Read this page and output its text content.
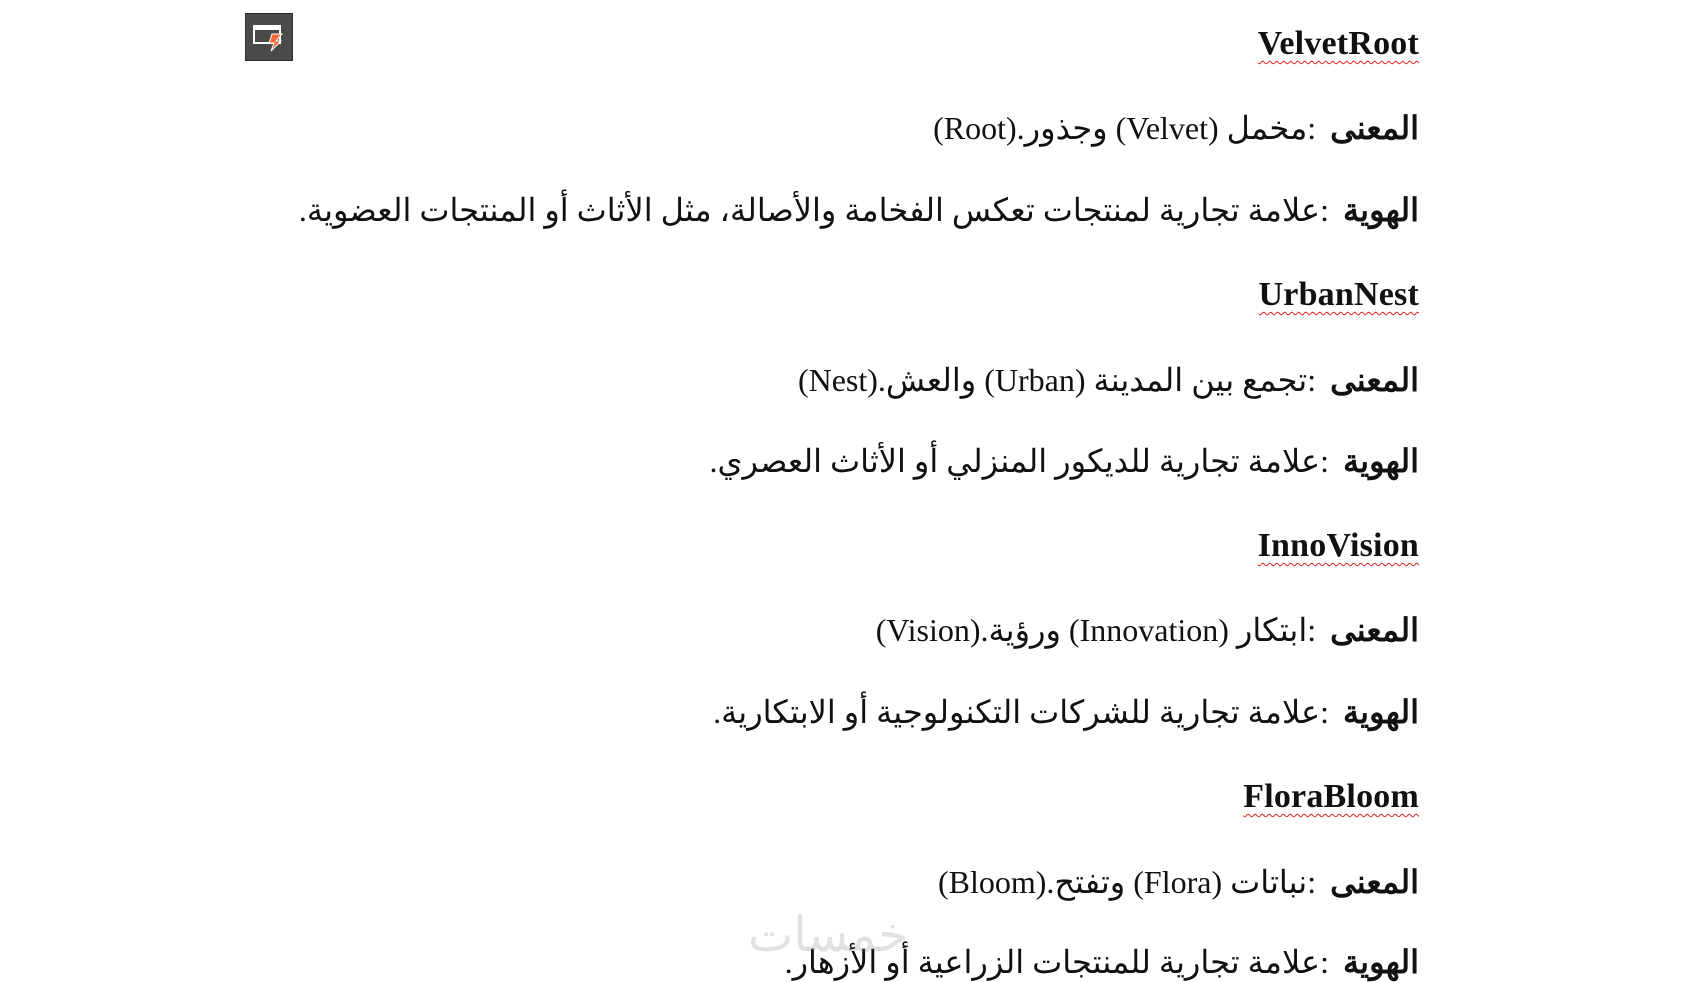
VelvetRoot
المعنى :مخمل (Velvet) وجذور.(Root)
الهوية :علامة تجارية لمنتجات تعكس الفخامة والأصالة، مثل الأثاث أو المنتجات العضوية.
UrbanNest
المعنى :تجمع بين المدينة (Urban) والعش.(Nest)
الهوية :علامة تجارية للديكور المنزلي أو الأثاث العصري.
InnoVision
المعنى :ابتكار (Innovation) ورؤية.(Vision)
الهوية :علامة تجارية للشركات التكنولوجية أو الابتكارية.
FloraBloom
المعنى :نباتات (Flora) وتفتح.(Bloom)
الهوية :علامة تجارية للمنتجات الزراعية أو الأزهار.
خمسات
